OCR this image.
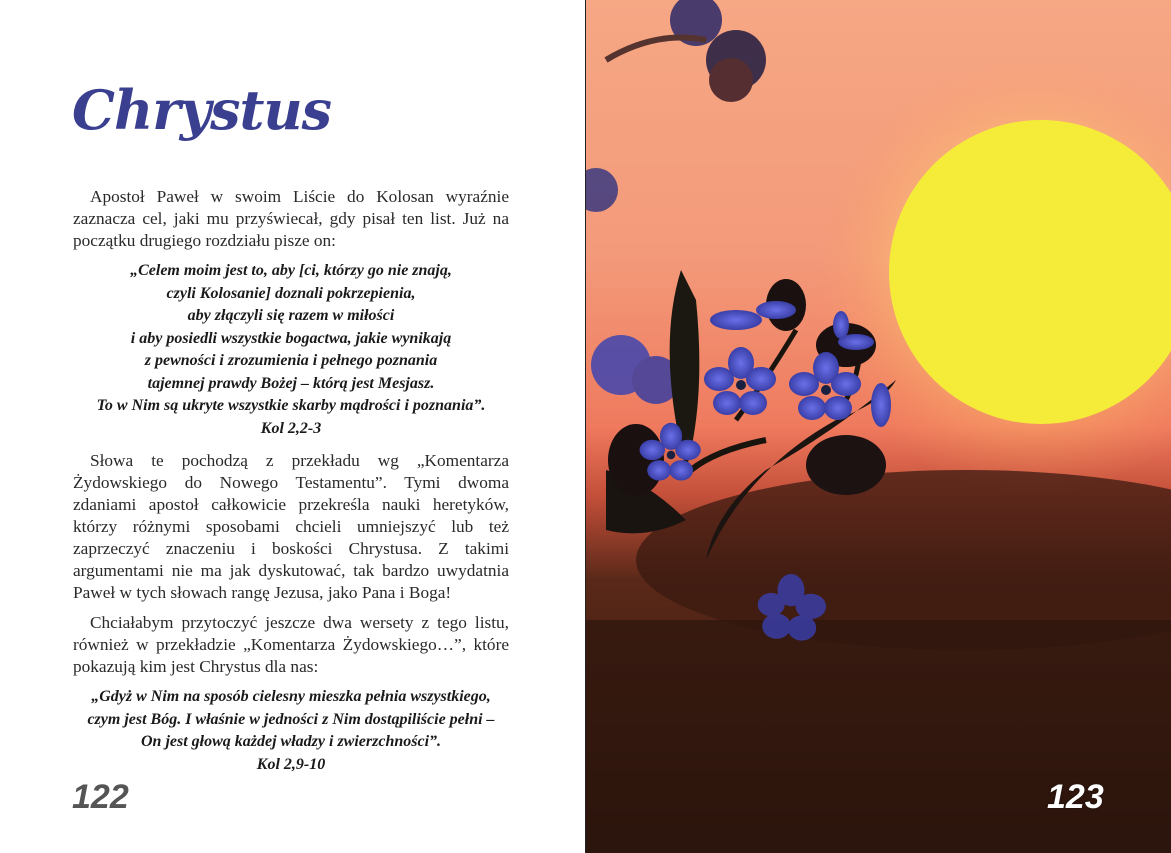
Chrystus

Apostoł Paweł w swoim Liście do Kolosan wyraźnie zaznacza cel, jaki mu przyświecał, gdy pisał ten list. Już na początku drugiego rozdziału pisze on:

„Celem moim jest to, aby [ci, którzy go nie znają,
czyli Kolosanie] doznali pokrzepienia,
aby złączyli się razem w miłości
i aby posiedli wszystkie bogactwa, jakie wynikają
z pewności i zrozumienia i pełnego poznania
tajemnej prawdy Bożej – którą jest Mesjasz.
To w Nim są ukryte wszystkie skarby mądrości i poznania”.
Kol 2,2-3

Słowa te pochodzą z przekładu wg „Komentarza Żydowskiego do Nowego Testamentu”. Tymi dwoma zdaniami apostoł całkowicie przekreśla nauki heretyków, którzy różnymi sposobami chcieli umniejszyć lub też zaprzeczyć znaczeniu i boskości Chrystusa. Z takimi argumentami nie ma jak dyskutować, tak bardzo uwydatnia Paweł w tych słowach rangę Jezusa, jako Pana i Boga!

Chciałabym przytoczyć jeszcze dwa wersety z tego listu, również w przekładzie „Komentarza Żydowskiego…”, które pokazują kim jest Chrystus dla nas:

„Gdyż w Nim na sposób cielesny mieszka pełnia wszystkiego,
czym jest Bóg. I właśnie w jedności z Nim dostąpiliście pełni –
On jest głową każdej władzy i zwierzchności”.
Kol 2,9-10

122	123
